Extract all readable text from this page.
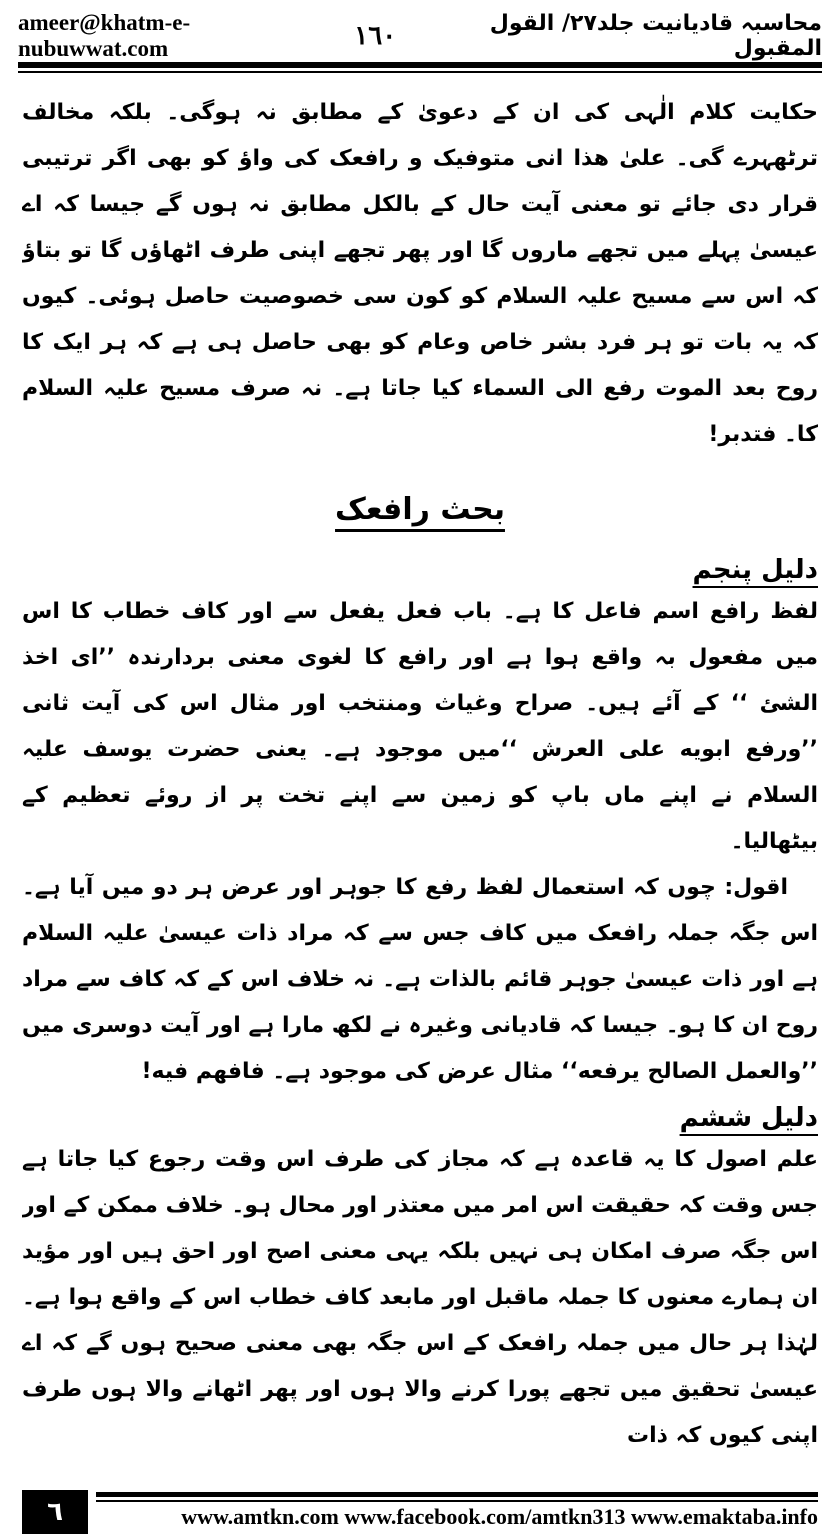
ameer@khatm-e-nubuwwat.com	١٦٠	محاسبہ قادیانیت جلد۲۷/ القول المقبول

حکایت کلام الٰہی کی ان کے دعویٰ کے مطابق نہ ہوگی۔ بلکہ مخالف ترٹھہرے گی۔ علیٰ ھذا انی متوفیک و رافعک کی واؤ کو بھی اگر ترتیبی قرار دی جائے تو معنی آیت حال کے بالکل مطابق نہ ہوں گے جیسا کہ اے عیسیٰ پہلے میں تجھے ماروں گا اور پھر تجھے اپنی طرف اٹھاؤں گا تو بتاؤ کہ اس سے مسیح علیہ السلام کو کون سی خصوصیت حاصل ہوئی۔ کیوں کہ یہ بات تو ہر فرد بشر خاص وعام کو بھی حاصل ہی ہے کہ ہر ایک کا روح بعد الموت رفع الی السماء کیا جاتا ہے۔ نہ صرف مسیح علیہ السلام کا۔ فتدبر!

بحث رافعک
دلیل پنجم

لفظ رافع اسم فاعل کا ہے۔ باب فعل یفعل سے اور کاف خطاب کا اس میں مفعول بہ واقع ہوا ہے اور رافع کا لغوی معنی بردارندہ ’’ای اخذ الشئ ‘‘ کے آئے ہیں۔ صراح وغیاث ومنتخب اور مثال اس کی آیت ثانی ’’ورفع ابویه علی العرش ‘‘میں موجود ہے۔ یعنی حضرت یوسف علیہ السلام نے اپنے ماں باپ کو زمین سے اپنے تخت پر از روئے تعظیم کے بیٹھالیا۔

اقول: چوں کہ استعمال لفظ رفع کا جوہر اور عرض ہر دو میں آیا ہے۔ اس جگہ جملہ رافعک میں کاف جس سے کہ مراد ذات عیسیٰ علیہ السلام ہے اور ذات عیسیٰ جوہر قائم بالذات ہے۔ نہ خلاف اس کے کہ کاف سے مراد روح ان کا ہو۔ جیسا کہ قادیانی وغیرہ نے لکھ مارا ہے اور آیت دوسری میں ’’والعمل الصالح یرفعه‘‘ مثال عرض کی موجود ہے۔ فافهم فيه!

دلیل ششم

علم اصول کا یہ قاعدہ ہے کہ مجاز کی طرف اس وقت رجوع کیا جاتا ہے جس وقت کہ حقیقت اس امر میں معتذر اور محال ہو۔ خلاف ممکن کے اور اس جگہ صرف امکان ہی نہیں بلکہ یہی معنی اصح اور احق ہیں اور مؤید ان ہمارے معنوں کا جملہ ماقبل اور مابعد کاف خطاب اس کے واقع ہوا ہے۔ لہٰذا ہر حال میں جملہ رافعک کے اس جگہ بھی معنی صحیح ہوں گے کہ اے عیسیٰ تحقیق میں تجھے پورا کرنے والا ہوں اور پھر اٹھانے والا ہوں طرف اپنی کیوں کہ ذات

٦	www.amtkn.com www.facebook.com/amtkn313 www.emaktaba.info
